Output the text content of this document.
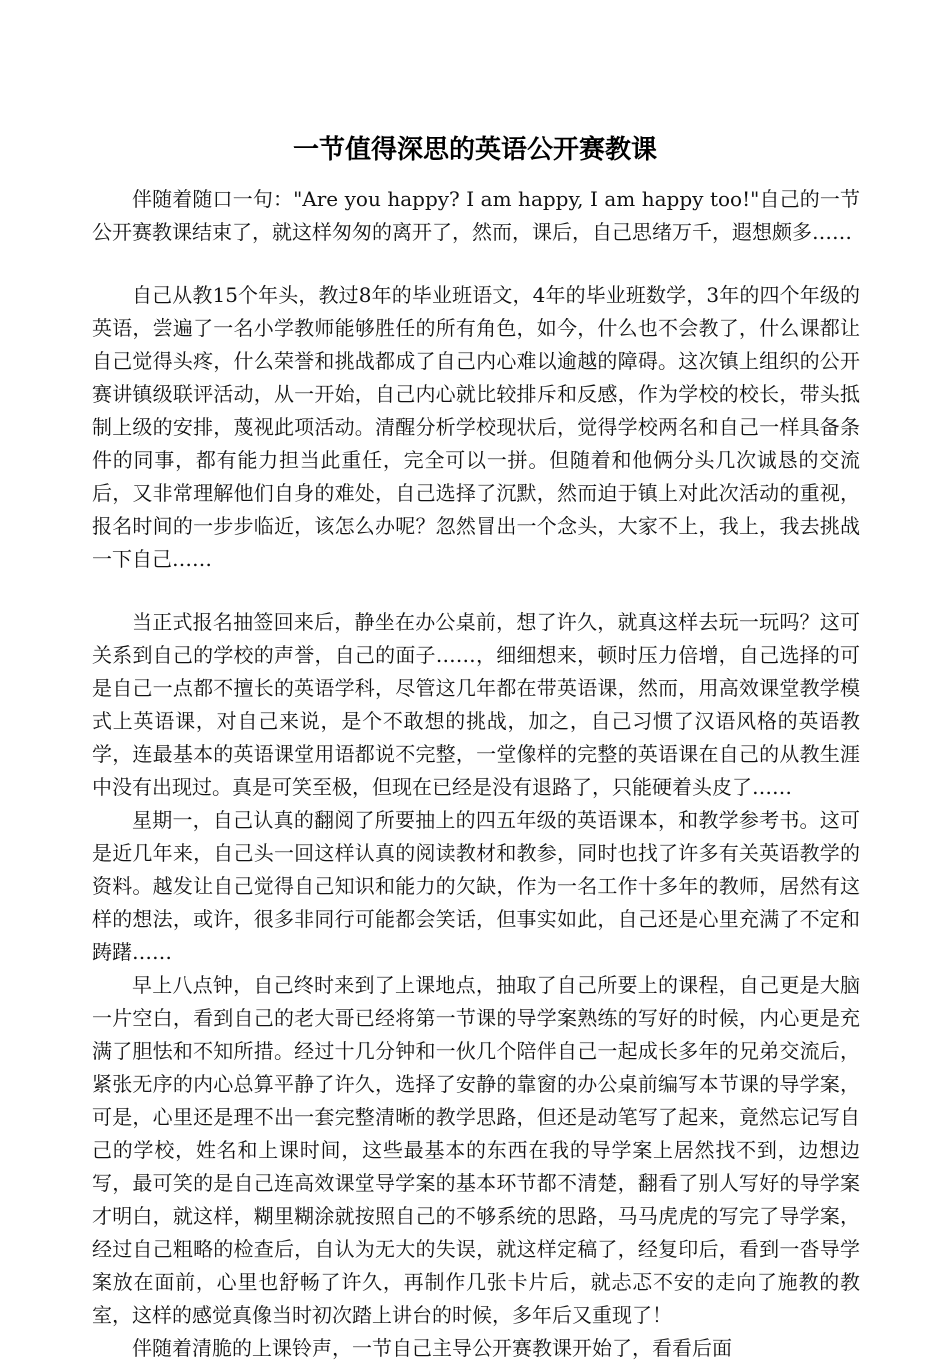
一节值得深思的英语公开赛教课

伴随着随口一句："Are you happy? I am happy, I am happy too!"自己的一节公开赛教课结束了，就这样匆匆的离开了，然而，课后，自己思绪万千，遐想颇多……

自己从教15个年头，教过8年的毕业班语文，4年的毕业班数学，3年的四个年级的英语，尝遍了一名小学教师能够胜任的所有角色，如今，什么也不会教了，什么课都让自己觉得头疼，什么荣誉和挑战都成了自己内心难以逾越的障碍。这次镇上组织的公开赛讲镇级联评活动，从一开始，自己内心就比较排斥和反感，作为学校的校长，带头抵制上级的安排，蔑视此项活动。清醒分析学校现状后，觉得学校两名和自己一样具备条件的同事，都有能力担当此重任，完全可以一拼。但随着和他俩分头几次诚恳的交流后，又非常理解他们自身的难处，自己选择了沉默，然而迫于镇上对此次活动的重视，报名时间的一步步临近，该怎么办呢？忽然冒出一个念头，大家不上，我上，我去挑战一下自己……

当正式报名抽签回来后，静坐在办公桌前，想了许久，就真这样去玩一玩吗？这可关系到自己的学校的声誉，自己的面子……，细细想来，顿时压力倍增，自己选择的可是自己一点都不擅长的英语学科，尽管这几年都在带英语课，然而，用高效课堂教学模式上英语课，对自己来说，是个不敢想的挑战，加之，自己习惯了汉语风格的英语教学，连最基本的英语课堂用语都说不完整，一堂像样的完整的英语课在自己的从教生涯中没有出现过。真是可笑至极，但现在已经是没有退路了，只能硬着头皮了……

星期一，自己认真的翻阅了所要抽上的四五年级的英语课本，和教学参考书。这可是近几年来，自己头一回这样认真的阅读教材和教参，同时也找了许多有关英语教学的资料。越发让自己觉得自己知识和能力的欠缺，作为一名工作十多年的教师，居然有这样的想法，或许，很多非同行可能都会笑话，但事实如此，自己还是心里充满了不定和踌躇……

早上八点钟，自己终时来到了上课地点，抽取了自己所要上的课程，自己更是大脑一片空白，看到自己的老大哥已经将第一节课的导学案熟练的写好的时候，内心更是充满了胆怯和不知所措。经过十几分钟和一伙几个陪伴自己一起成长多年的兄弟交流后，紧张无序的内心总算平静了许久，选择了安静的靠窗的办公桌前编写本节课的导学案，可是，心里还是理不出一套完整清晰的教学思路，但还是动笔写了起来，竟然忘记写自己的学校，姓名和上课时间，这些最基本的东西在我的导学案上居然找不到，边想边写，最可笑的是自己连高效课堂导学案的基本环节都不清楚，翻看了别人写好的导学案才明白，就这样，糊里糊涂就按照自己的不够系统的思路，马马虎虎的写完了导学案，经过自己粗略的检查后，自认为无大的失误，就这样定稿了，经复印后，看到一沓导学案放在面前，心里也舒畅了许久，再制作几张卡片后，就忐忑不安的走向了施教的教室，这样的感觉真像当时初次踏上讲台的时候，多年后又重现了！

伴随着清脆的上课铃声，一节自己主导公开赛教课开始了，看看后面
